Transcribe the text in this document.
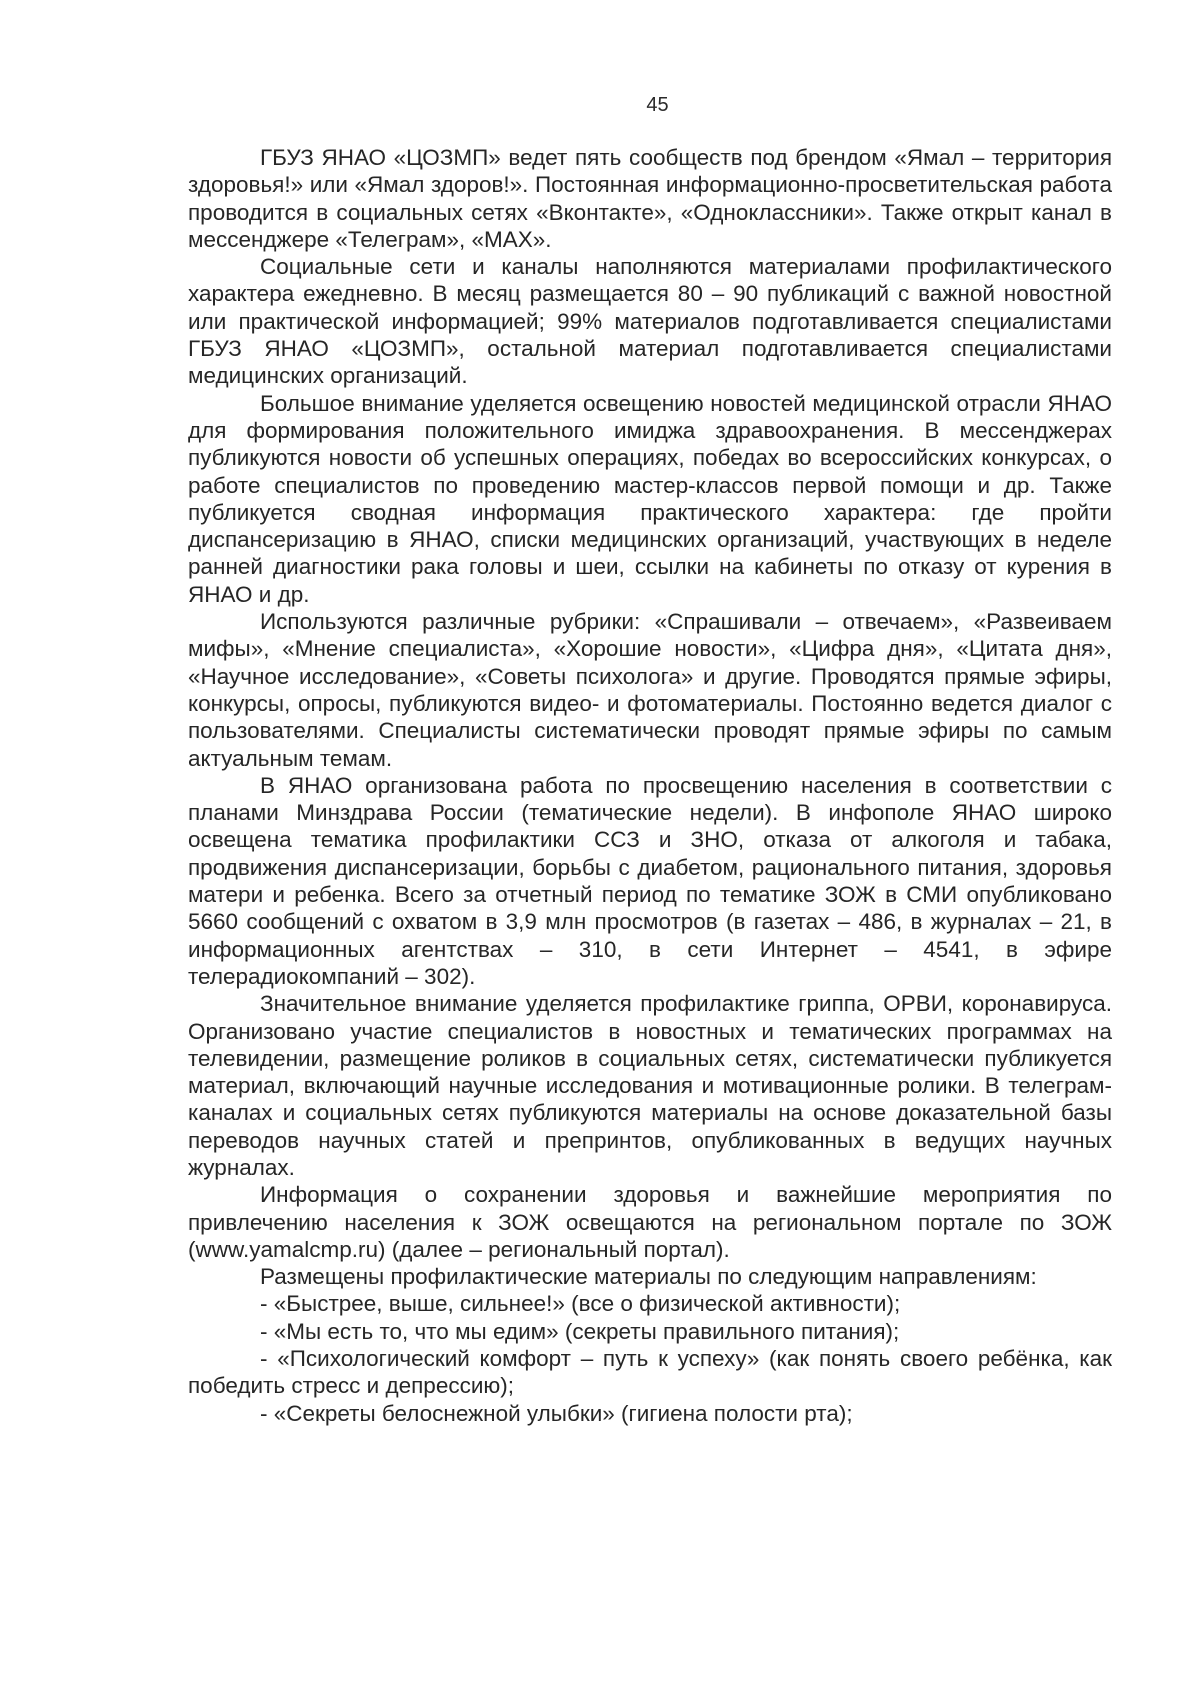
45

ГБУЗ ЯНАО «ЦОЗМП» ведет пять сообществ под брендом «Ямал – территория здоровья!» или «Ямал здоров!». Постоянная информационно-просветительская работа проводится в социальных сетях «Вконтакте», «Одноклассники». Также открыт канал в мессенджере «Телеграм», «MAX».

Социальные сети и каналы наполняются материалами профилактического характера ежедневно. В месяц размещается 80 – 90 публикаций с важной новостной или практической информацией; 99% материалов подготавливается специалистами ГБУЗ ЯНАО «ЦОЗМП», остальной материал подготавливается специалистами медицинских организаций.

Большое внимание уделяется освещению новостей медицинской отрасли ЯНАО для формирования положительного имиджа здравоохранения. В мессенджерах публикуются новости об успешных операциях, победах во всероссийских конкурсах, о работе специалистов по проведению мастер-классов первой помощи и др. Также публикуется сводная информация практического характера: где пройти диспансеризацию в ЯНАО, списки медицинских организаций, участвующих в неделе ранней диагностики рака головы и шеи, ссылки на кабинеты по отказу от курения в ЯНАО и др.

Используются различные рубрики: «Спрашивали – отвечаем», «Развеиваем мифы», «Мнение специалиста», «Хорошие новости», «Цифра дня», «Цитата дня», «Научное исследование», «Советы психолога» и другие. Проводятся прямые эфиры, конкурсы, опросы, публикуются видео- и фотоматериалы. Постоянно ведется диалог с пользователями. Специалисты систематически проводят прямые эфиры по самым актуальным темам.

В ЯНАО организована работа по просвещению населения в соответствии с планами Минздрава России (тематические недели). В инфополе ЯНАО широко освещена тематика профилактики ССЗ и ЗНО, отказа от алкоголя и табака, продвижения диспансеризации, борьбы с диабетом, рационального питания, здоровья матери и ребенка. Всего за отчетный период по тематике ЗОЖ в СМИ опубликовано 5660 сообщений с охватом в 3,9 млн просмотров (в газетах – 486, в журналах – 21, в информационных агентствах – 310, в сети Интернет – 4541, в эфире телерадиокомпаний – 302).

Значительное внимание уделяется профилактике гриппа, ОРВИ, коронавируса. Организовано участие специалистов в новостных и тематических программах на телевидении, размещение роликов в социальных сетях, систематически публикуется материал, включающий научные исследования и мотивационные ролики. В телеграм-каналах и социальных сетях публикуются материалы на основе доказательной базы переводов научных статей и препринтов, опубликованных в ведущих научных журналах.

Информация о сохранении здоровья и важнейшие мероприятия по привлечению населения к ЗОЖ освещаются на региональном портале по ЗОЖ (www.yamalcmp.ru) (далее – региональный портал).

Размещены профилактические материалы по следующим направлениям:

- «Быстрее, выше, сильнее!» (все о физической активности);
- «Мы есть то, что мы едим» (секреты правильного питания);
- «Психологический комфорт – путь к успеху» (как понять своего ребёнка, как победить стресс и депрессию);
- «Секреты белоснежной улыбки» (гигиена полости рта);
